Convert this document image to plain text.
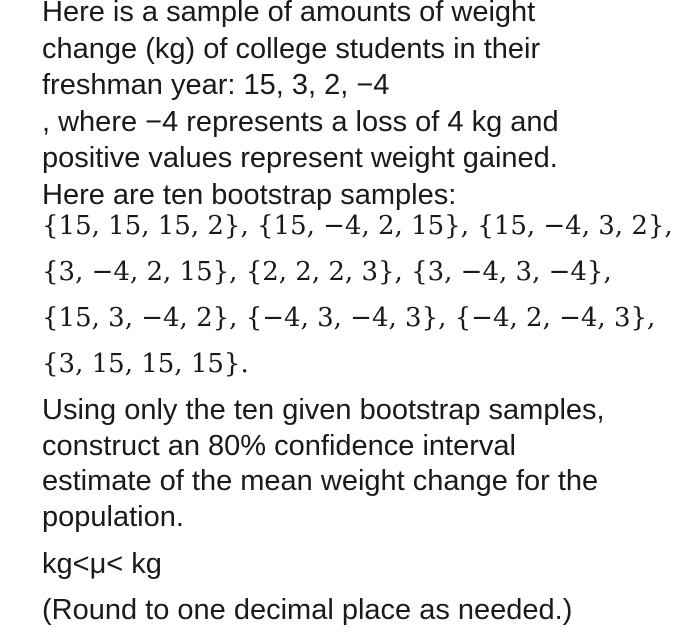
Here is a sample of amounts of weight
change (kg) of college students in their
freshman year: 15, 3, 2, −4
, where −4 represents a loss of 4 kg and
positive values represent weight gained.
Here are ten bootstrap samples:

{15, 15, 15, 2}, {15, −4, 2, 15}, {15, −4, 3, 2},
{3, −4, 2, 15}, {2, 2, 2, 3}, {3, −4, 3, −4},
{15, 3, −4, 2}, {−4, 3, −4, 3}, {−4, 2, −4, 3},
{3, 15, 15, 15}.

Using only the ten given bootstrap samples,
construct an 80% confidence interval
estimate of the mean weight change for the
population.

kg<μ< kg

(Round to one decimal place as needed.)
